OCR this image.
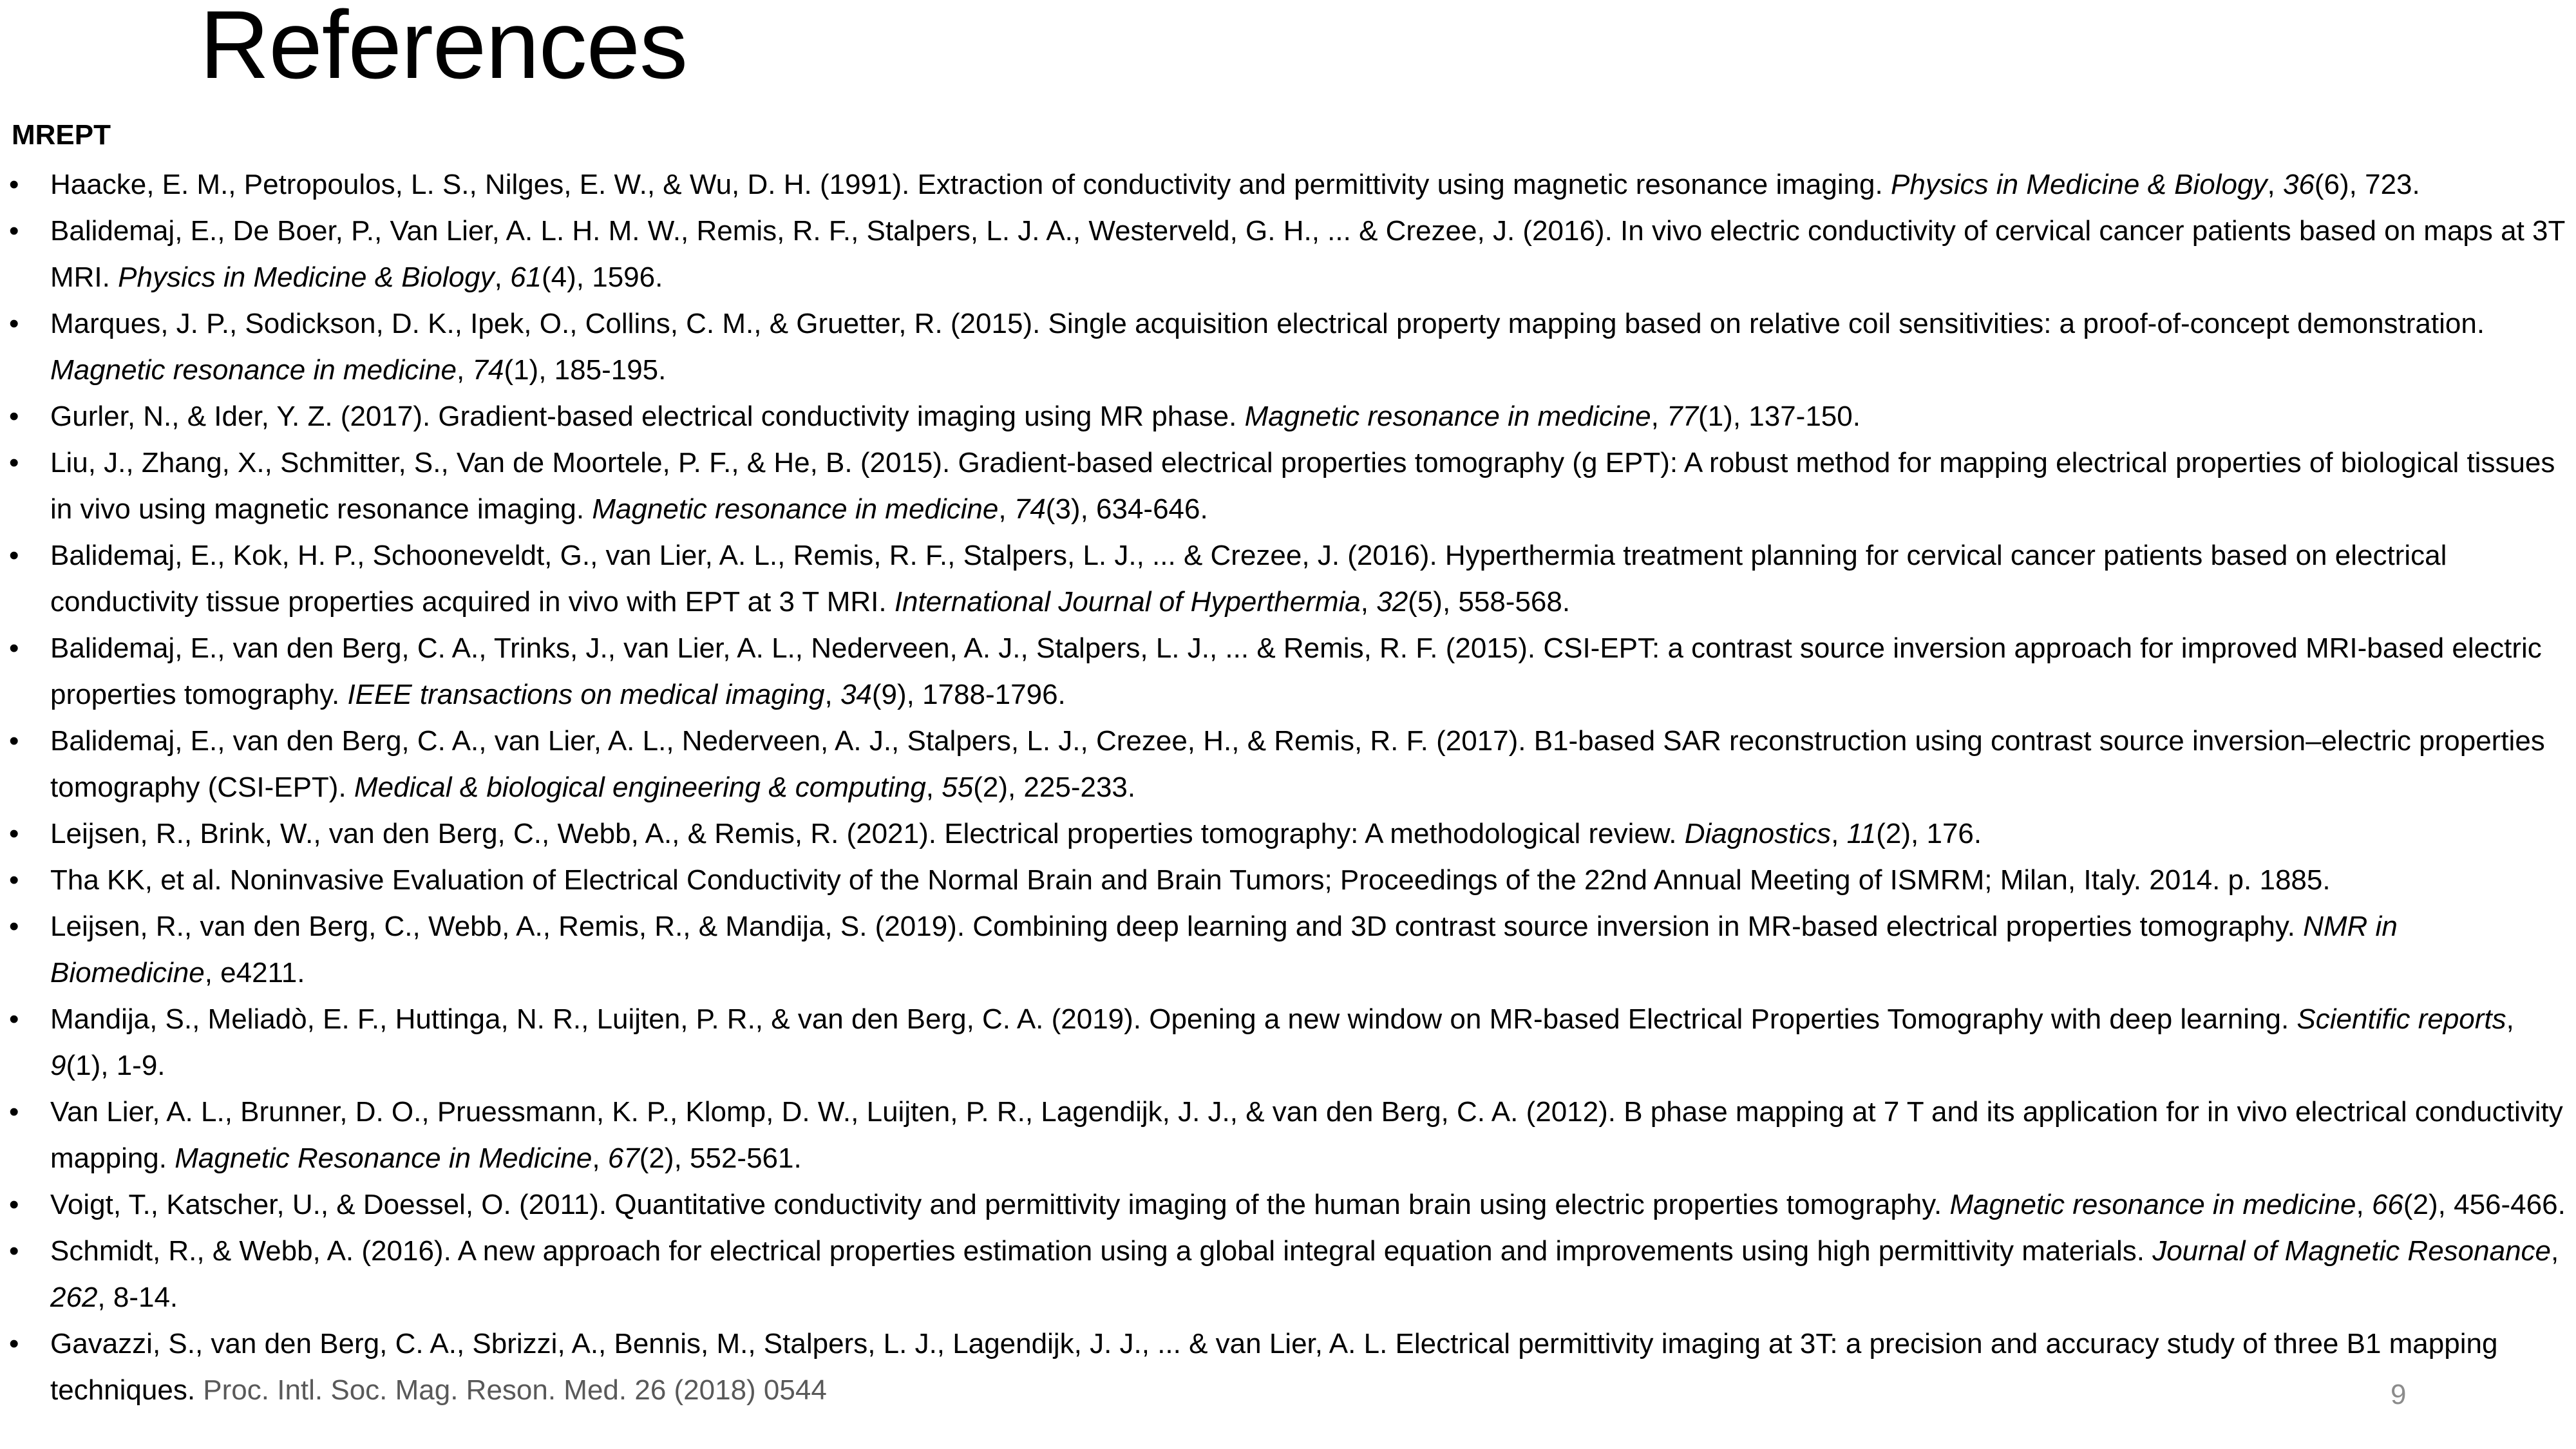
References
MREPT
• Haacke, E. M., Petropoulos, L. S., Nilges, E. W., & Wu, D. H. (1991). Extraction of conductivity and permittivity using magnetic resonance imaging. Physics in Medicine & Biology, 36(6), 723.
• Balidemaj, E., De Boer, P., Van Lier, A. L. H. M. W., Remis, R. F., Stalpers, L. J. A., Westerveld, G. H., ... & Crezee, J. (2016). In vivo electric conductivity of cervical cancer patients based on maps at 3T MRI. Physics in Medicine & Biology, 61(4), 1596.
• Marques, J. P., Sodickson, D. K., Ipek, O., Collins, C. M., & Gruetter, R. (2015). Single acquisition electrical property mapping based on relative coil sensitivities: a proof-of-concept demonstration. Magnetic resonance in medicine, 74(1), 185-195.
• Gurler, N., & Ider, Y. Z. (2017). Gradient-based electrical conductivity imaging using MR phase. Magnetic resonance in medicine, 77(1), 137-150.
• Liu, J., Zhang, X., Schmitter, S., Van de Moortele, P. F., & He, B. (2015). Gradient-based electrical properties tomography (g EPT): A robust method for mapping electrical properties of biological tissues in vivo using magnetic resonance imaging. Magnetic resonance in medicine, 74(3), 634-646.
• Balidemaj, E., Kok, H. P., Schooneveldt, G., van Lier, A. L., Remis, R. F., Stalpers, L. J., ... & Crezee, J. (2016). Hyperthermia treatment planning for cervical cancer patients based on electrical conductivity tissue properties acquired in vivo with EPT at 3 T MRI. International Journal of Hyperthermia, 32(5), 558-568.
• Balidemaj, E., van den Berg, C. A., Trinks, J., van Lier, A. L., Nederveen, A. J., Stalpers, L. J., ... & Remis, R. F. (2015). CSI-EPT: a contrast source inversion approach for improved MRI-based electric properties tomography. IEEE transactions on medical imaging, 34(9), 1788-1796.
• Balidemaj, E., van den Berg, C. A., van Lier, A. L., Nederveen, A. J., Stalpers, L. J., Crezee, H., & Remis, R. F. (2017). B1-based SAR reconstruction using contrast source inversion–electric properties tomography (CSI-EPT). Medical & biological engineering & computing, 55(2), 225-233.
• Leijsen, R., Brink, W., van den Berg, C., Webb, A., & Remis, R. (2021). Electrical properties tomography: A methodological review. Diagnostics, 11(2), 176.
• Tha KK, et al. Noninvasive Evaluation of Electrical Conductivity of the Normal Brain and Brain Tumors; Proceedings of the 22nd Annual Meeting of ISMRM; Milan, Italy. 2014. p. 1885.
• Leijsen, R., van den Berg, C., Webb, A., Remis, R., & Mandija, S. (2019). Combining deep learning and 3D contrast source inversion in MR-based electrical properties tomography. NMR in Biomedicine, e4211.
• Mandija, S., Meliadò, E. F., Huttinga, N. R., Luijten, P. R., & van den Berg, C. A. (2019). Opening a new window on MR-based Electrical Properties Tomography with deep learning. Scientific reports, 9(1), 1-9.
• Van Lier, A. L., Brunner, D. O., Pruessmann, K. P., Klomp, D. W., Luijten, P. R., Lagendijk, J. J., & van den Berg, C. A. (2012). B phase mapping at 7 T and its application for in vivo electrical conductivity mapping. Magnetic Resonance in Medicine, 67(2), 552-561.
• Voigt, T., Katscher, U., & Doessel, O. (2011). Quantitative conductivity and permittivity imaging of the human brain using electric properties tomography. Magnetic resonance in medicine, 66(2), 456-466.
• Schmidt, R., & Webb, A. (2016). A new approach for electrical properties estimation using a global integral equation and improvements using high permittivity materials. Journal of Magnetic Resonance, 262, 8-14.
• Gavazzi, S., van den Berg, C. A., Sbrizzi, A., Bennis, M., Stalpers, L. J., Lagendijk, J. J., ... & van Lier, A. L. Electrical permittivity imaging at 3T: a precision and accuracy study of three B1 mapping techniques. Proc. Intl. Soc. Mag. Reson. Med. 26 (2018) 0544	9
